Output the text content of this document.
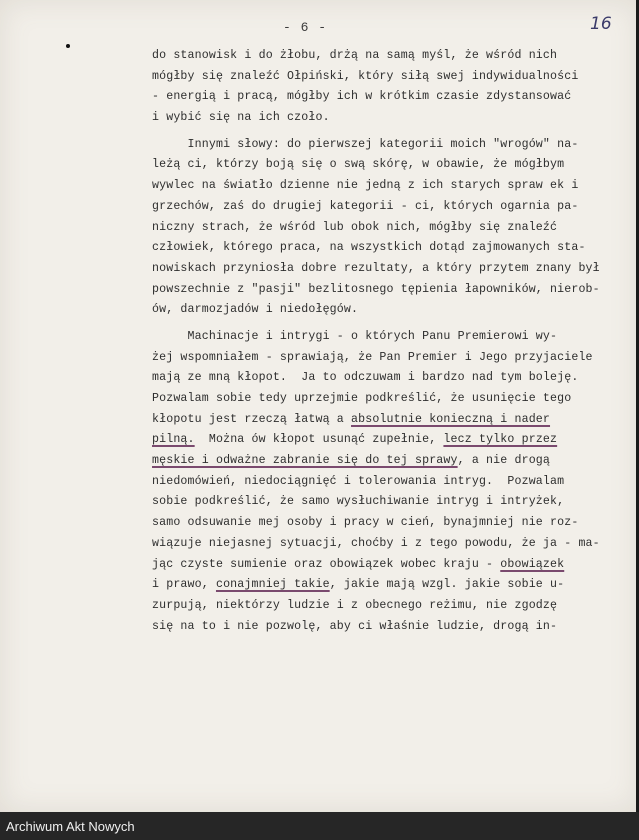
- 6 -	16
do stanowisk i do żłobu, drżą na samą myśl, że wśród nich
mógłby się znaleźć Ołpiński, który siłą swej indywidualności
- energią i pracą, mógłby ich w krótkim czasie zdystansować
i wybić się na ich czoło.
Innymi słowy: do pierwszej kategorii moich "wrogów" na-
leżą ci, którzy boją się o swą skórę, w obawie, że mógłbym
wywlec na światło dzienne nie jedną z ich starych spraw ek i
grzechów, zaś do drugiej kategorii - ci, których ogarnia pa-
niczny strach, że wśród lub obok nich, mógłby się znaleźć
człowiek, którego praca, na wszystkich dotąd zajmowanych sta-
nowiskach przyniosła dobre rezultaty, a który przytem znany był
powszechnie z "pasji" bezlitosnego tępienia łapowników, nierob-
ów, darmozjadów i niedołęgów.
Machinacje i intrygi - o których Panu Premierowi wy-
żej wspomniałem - sprawiają, że Pan Premier i Jego przyjaciele
mają ze mną kłopot.  Ja to odczuwam i bardzo nad tym boleję.
Pozwalam sobie tedy uprzejmie podkreślić, że usunięcie tego
kłopotu jest rzeczą łatwą a absolutnie konieczną i nader
pilną.  Można ów kłopot usunąć zupełnie, lecz tylko przez
męskie i odważne zabranie się do tej sprawy, a nie drogą
niedomówień, niedociągnięć i tolerowania intryg.  Pozwalam
sobie podkreślić, że samo wysłuchiwanie intryg i intryżek,
samo odsuwanie mej osoby i pracy w cień, bynajmniej nie roz-
wiązuje niejasnej sytuacji, choćby i z tego powodu, że ja - ma-
jąc czyste sumienie oraz obowiązek wobec kraju - obowiązek
i prawo, conajmniej takie, jakie mają wzgl. jakie sobie u-
zurpują, niektórzy ludzie i z obecnego reżimu, nie zgodzę
się na to i nie pozwolę, aby ci właśnie ludzie, drogą in-
Archiwum Akt Nowych
